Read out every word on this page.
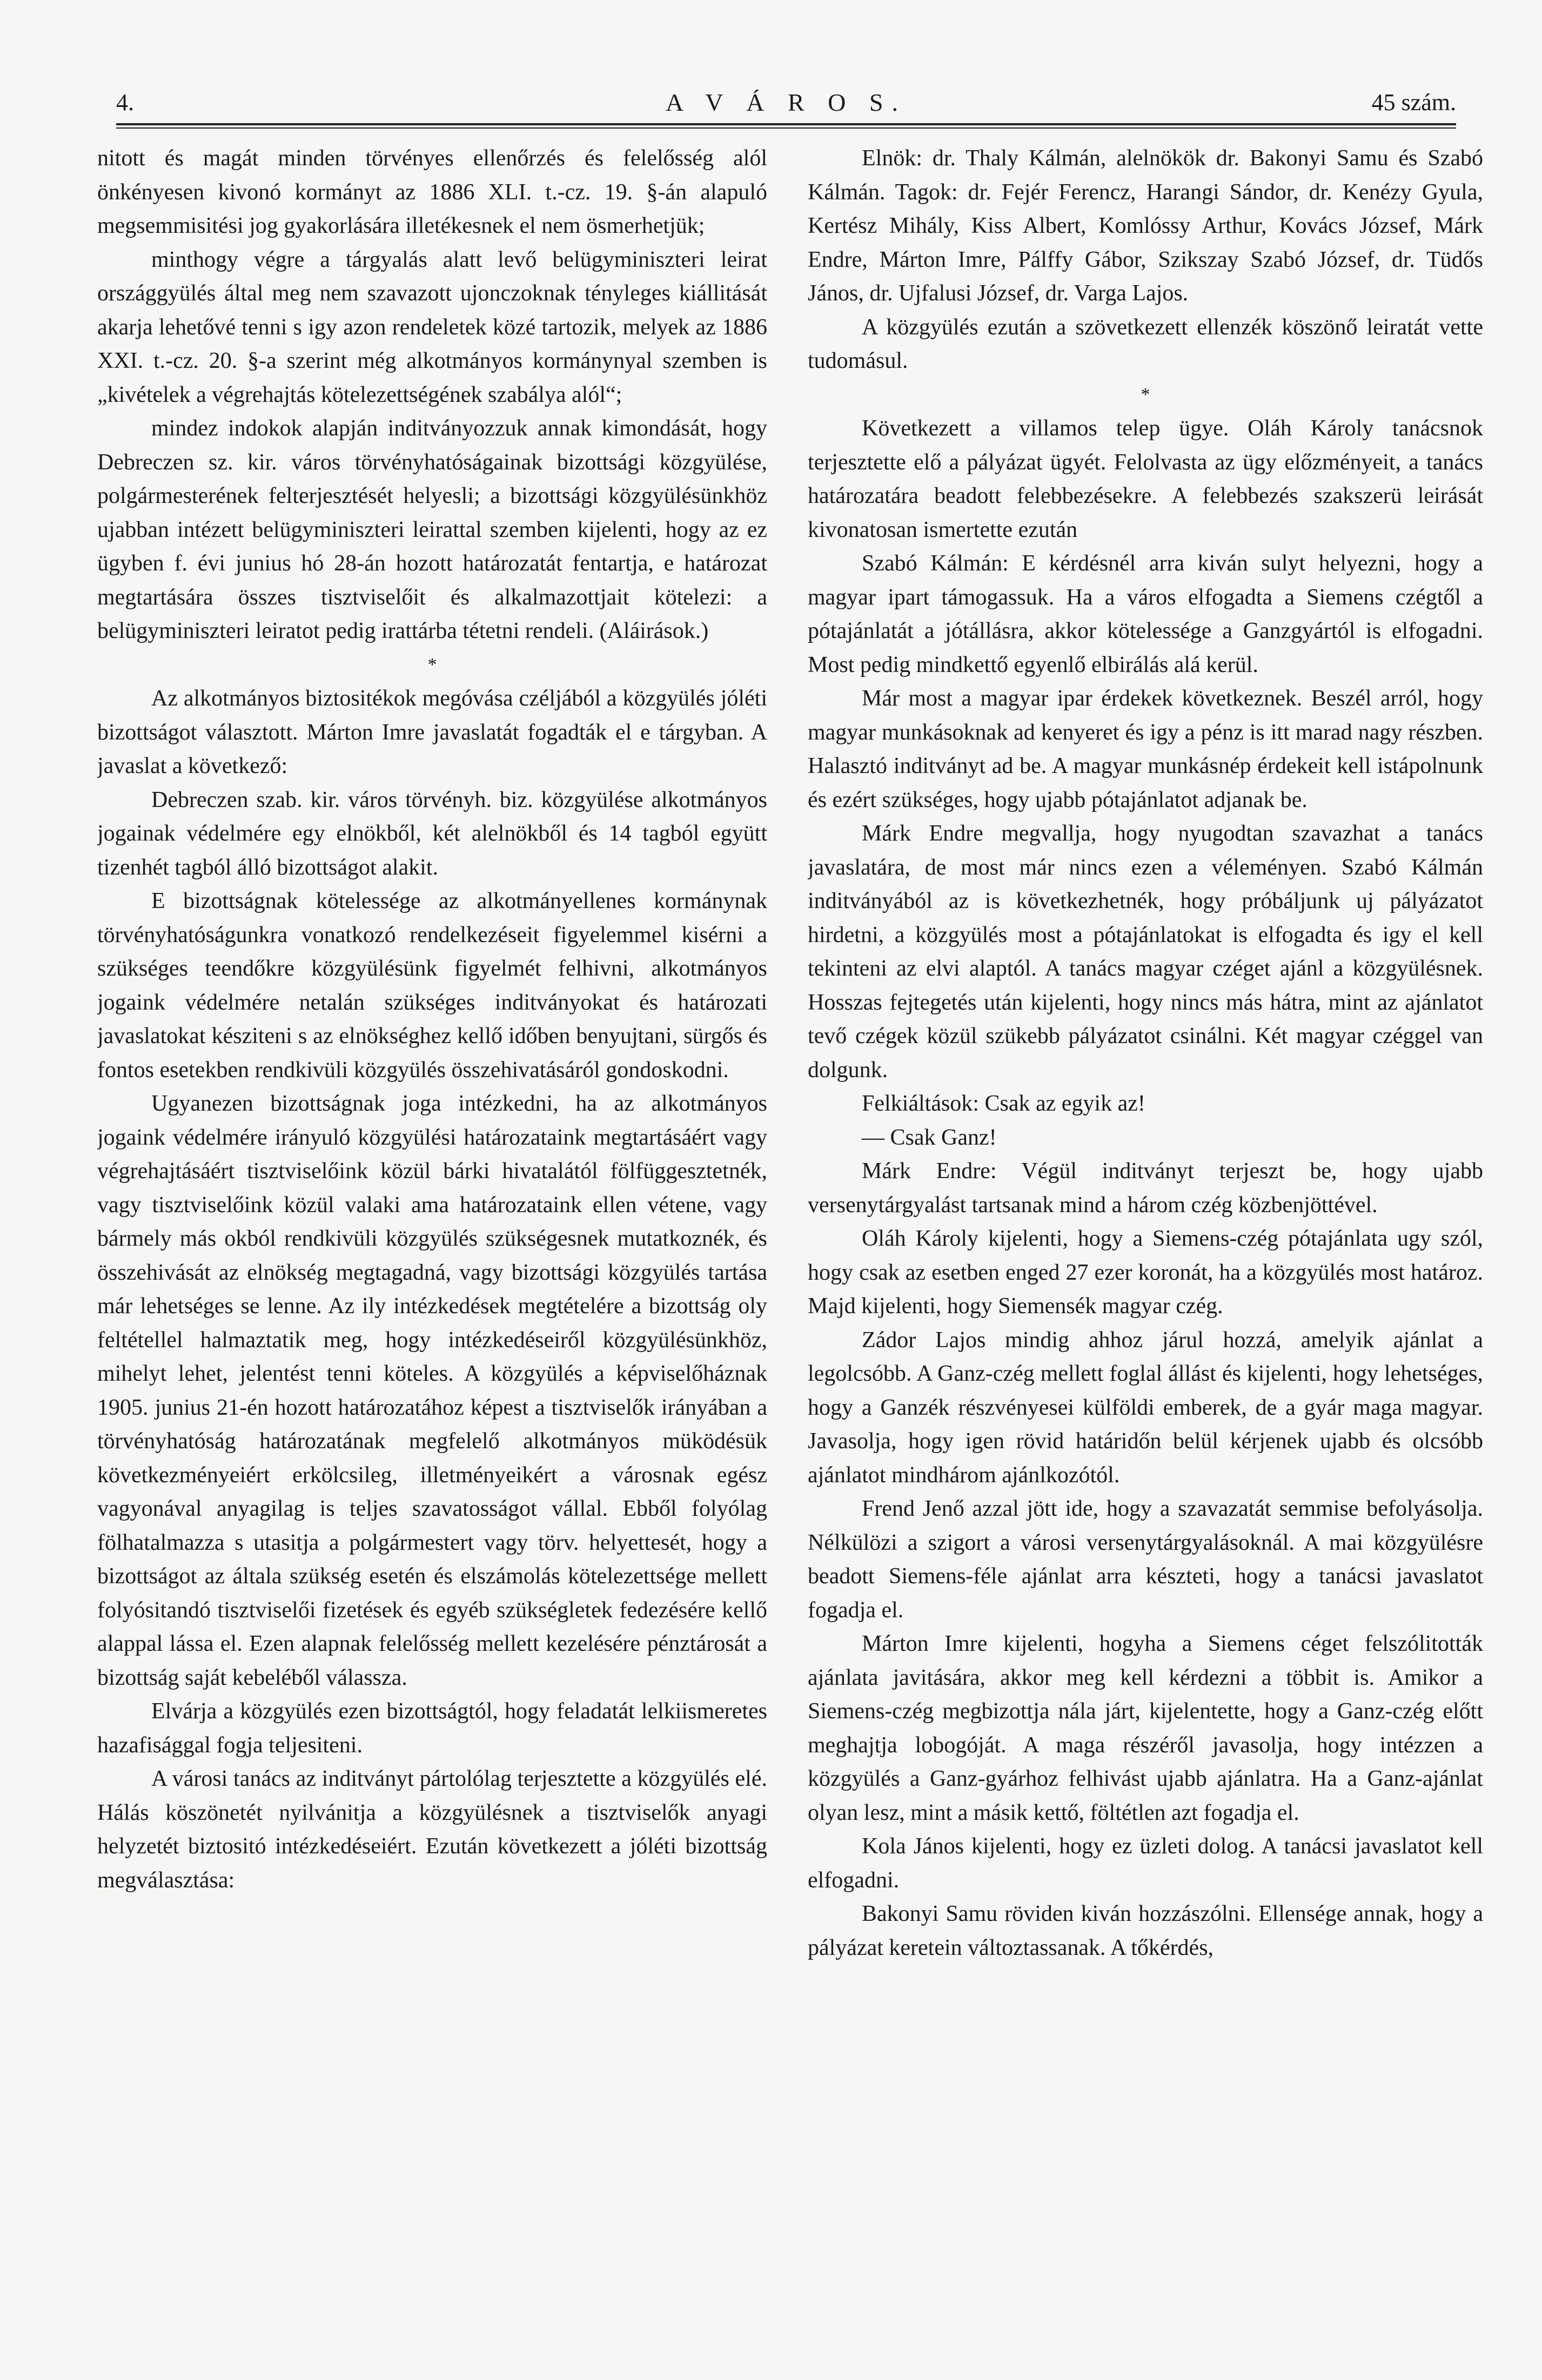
4.	A V Á R O S.	45 szám.

nitott és magát minden törvényes ellenőrzés és felelősség alól önkényesen kivonó kormányt az 1886 XLI. t.-cz. 19. §-án alapuló megsemmisitési jog gyakorlására illetékesnek el nem ösmerhetjük;

minthogy végre a tárgyalás alatt levő belügyminiszteri leirat országgyülés által meg nem szavazott ujonczoknak tényleges kiállitását akarja lehetővé tenni s igy azon rendeletek közé tartozik, melyek az 1886 XXI. t.-cz. 20. §-a szerint még alkotmányos kormánynyal szemben is „kivételek a végrehajtás kötelezettségének szabálya alól“;

mindez indokok alapján inditványozzuk annak kimondását, hogy Debreczen sz. kir. város törvényhatóságainak bizottsági közgyülése, polgármesterének felterjesztését helyesli; a bizottsági közgyülésünkhöz ujabban intézett belügyminiszteri leirattal szemben kijelenti, hogy az ez ügyben f. évi junius hó 28-án hozott határozatát fentartja, e határozat megtartására összes tisztviselőit és alkalmazottjait kötelezi: a belügyminiszteri leiratot pedig irattárba tétetni rendeli. (Aláirások.)

*

Az alkotmányos biztositékok megóvása czéljából a közgyülés jóléti bizottságot választott. Márton Imre javaslatát fogadták el e tárgyban. A javaslat a következő:

Debreczen szab. kir. város törvényh. biz. közgyülése alkotmányos jogainak védelmére egy elnökből, két alelnökből és 14 tagból együtt tizenhét tagból álló bizottságot alakit.

E bizottságnak kötelessége az alkotmányellenes kormánynak törvényhatóságunkra vonatkozó rendelkezéseit figyelemmel kisérni a szükséges teendőkre közgyülésünk figyelmét felhivni, alkotmányos jogaink védelmére netalán szükséges inditványokat és határozati javaslatokat késziteni s az elnökséghez kellő időben benyujtani, sürgős és fontos esetekben rendkivüli közgyülés összehivatásáról gondoskodni.

Ugyanezen bizottságnak joga intézkedni, ha az alkotmányos jogaink védelmére irányuló közgyülési határozataink megtartásáért vagy végrehajtásáért tisztviselőink közül bárki hivatalától fölfüggesztetnék, vagy tisztviselőink közül valaki ama határozataink ellen vétene, vagy bármely más okból rendkivüli közgyülés szükségesnek mutatkoznék, és összehivását az elnökség megtagadná, vagy bizottsági közgyülés tartása már lehetséges se lenne. Az ily intézkedések megtételére a bizottság oly feltétellel halmaztatik meg, hogy intézkedéseiről közgyülésünkhöz, mihelyt lehet, jelentést tenni köteles. A közgyülés a képviselőháznak 1905. junius 21-én hozott határozatához képest a tisztviselők irányában a törvényhatóság határozatának megfelelő alkotmányos müködésük következményeiért erkölcsileg, illetményeikért a városnak egész vagyonával anyagilag is teljes szavatosságot vállal. Ebből folyólag fölhatalmazza s utasitja a polgármestert vagy törv. helyettesét, hogy a bizottságot az általa szükség esetén és elszámolás kötelezettsége mellett folyósitandó tisztviselői fizetések és egyéb szükségletek fedezésére kellő alappal lássa el. Ezen alapnak felelősség mellett kezelésére pénztárosát a bizottság saját kebeléből válassza.

Elvárja a közgyülés ezen bizottságtól, hogy feladatát lelkiismeretes hazafisággal fogja teljesiteni.

A városi tanács az inditványt pártolólag terjesztette a közgyülés elé. Hálás köszönetét nyilvánitja a közgyülésnek a tisztviselők anyagi helyzetét biztositó intézkedéseiért. Ezután következett a jóléti bizottság megválasztása:

Elnök: dr. Thaly Kálmán, alelnökök dr. Bakonyi Samu és Szabó Kálmán. Tagok: dr. Fejér Ferencz, Harangi Sándor, dr. Kenézy Gyula, Kertész Mihály, Kiss Albert, Komlóssy Arthur, Kovács József, Márk Endre, Márton Imre, Pálffy Gábor, Szikszay Szabó József, dr. Tüdős János, dr. Ujfalusi József, dr. Varga Lajos.

A közgyülés ezután a szövetkezett ellenzék köszönő leiratát vette tudomásul.

*

Következett a villamos telep ügye. Oláh Károly tanácsnok terjesztette elő a pályázat ügyét. Felolvasta az ügy előzményeit, a tanács határozatára beadott felebbezésekre. A felebbezés szakszerü leirását kivonatosan ismertette ezután

Szabó Kálmán: E kérdésnél arra kiván sulyt helyezni, hogy a magyar ipart támogassuk. Ha a város elfogadta a Siemens czégtől a pótajánlatát a jótállásra, akkor kötelessége a Ganzgyártól is elfogadni. Most pedig mindkettő egyenlő elbirálás alá kerül.

Már most a magyar ipar érdekek következnek. Beszél arról, hogy magyar munkásoknak ad kenyeret és igy a pénz is itt marad nagy részben. Halasztó inditványt ad be. A magyar munkásnép érdekeit kell istápolnunk és ezért szükséges, hogy ujabb pótajánlatot adjanak be.

Márk Endre megvallja, hogy nyugodtan szavazhat a tanács javaslatára, de most már nincs ezen a véleményen. Szabó Kálmán inditványából az is következhetnék, hogy próbáljunk uj pályázatot hirdetni, a közgyülés most a pótajánlatokat is elfogadta és igy el kell tekinteni az elvi alaptól. A tanács magyar czéget ajánl a közgyülésnek. Hosszas fejtegetés után kijelenti, hogy nincs más hátra, mint az ajánlatot tevő czégek közül szükebb pályázatot csinálni. Két magyar czéggel van dolgunk.

Felkiáltások: Csak az egyik az!

— Csak Ganz!

Márk Endre: Végül inditványt terjeszt be, hogy ujabb versenytárgyalást tartsanak mind a három czég közbenjöttével.

Oláh Károly kijelenti, hogy a Siemens-czég pótajánlata ugy szól, hogy csak az esetben enged 27 ezer koronát, ha a közgyülés most határoz. Majd kijelenti, hogy Siemensék magyar czég.

Zádor Lajos mindig ahhoz járul hozzá, amelyik ajánlat a legolcsóbb. A Ganz-czég mellett foglal állást és kijelenti, hogy lehetséges, hogy a Ganzék részvényesei külföldi emberek, de a gyár maga magyar. Javasolja, hogy igen rövid határidőn belül kérjenek ujabb és olcsóbb ajánlatot mindhárom ajánlkozótól.

Frend Jenő azzal jött ide, hogy a szavazatát semmise befolyásolja. Nélkülözi a szigort a városi versenytárgyalásoknál. A mai közgyülésre beadott Siemens-féle ajánlat arra készteti, hogy a tanácsi javaslatot fogadja el.

Márton Imre kijelenti, hogyha a Siemens céget felszólitották ajánlata javitására, akkor meg kell kérdezni a többit is. Amikor a Siemens-czég megbizottja nála járt, kijelentette, hogy a Ganz-czég előtt meghajtja lobogóját. A maga részéről javasolja, hogy intézzen a közgyülés a Ganz-gyárhoz felhivást ujabb ajánlatra. Ha a Ganz-ajánlat olyan lesz, mint a másik kettő, föltétlen azt fogadja el.

Kola János kijelenti, hogy ez üzleti dolog. A tanácsi javaslatot kell elfogadni.

Bakonyi Samu röviden kiván hozzászólni. Ellensége annak, hogy a pályázat keretein változtassanak. A tőkérdés,
